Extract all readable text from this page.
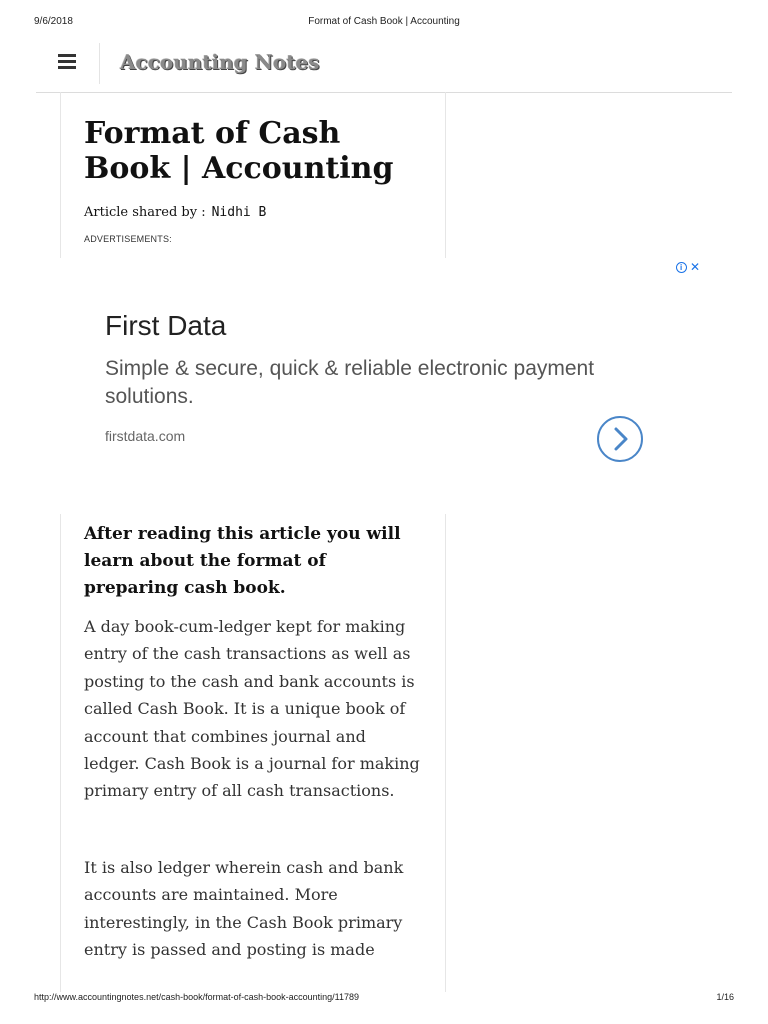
9/6/2018	Format of Cash Book | Accounting
Accounting Notes
Format of Cash Book | Accounting
Article shared by : Nidhi B
ADVERTISEMENTS:
i ✕
First Data
Simple & secure, quick & reliable electronic payment solutions.
firstdata.com

After reading this article you will learn about the format of preparing cash book.

A day book-cum-ledger kept for making entry of the cash transactions as well as posting to the cash and bank accounts is called Cash Book. It is a unique book of account that combines journal and ledger. Cash Book is a journal for making primary entry of all cash transactions.

It is also ledger wherein cash and bank accounts are maintained. More interestingly, in the Cash Book primary entry is passed and posting is made

http://www.accountingnotes.net/cash-book/format-of-cash-book-accounting/11789	1/16
